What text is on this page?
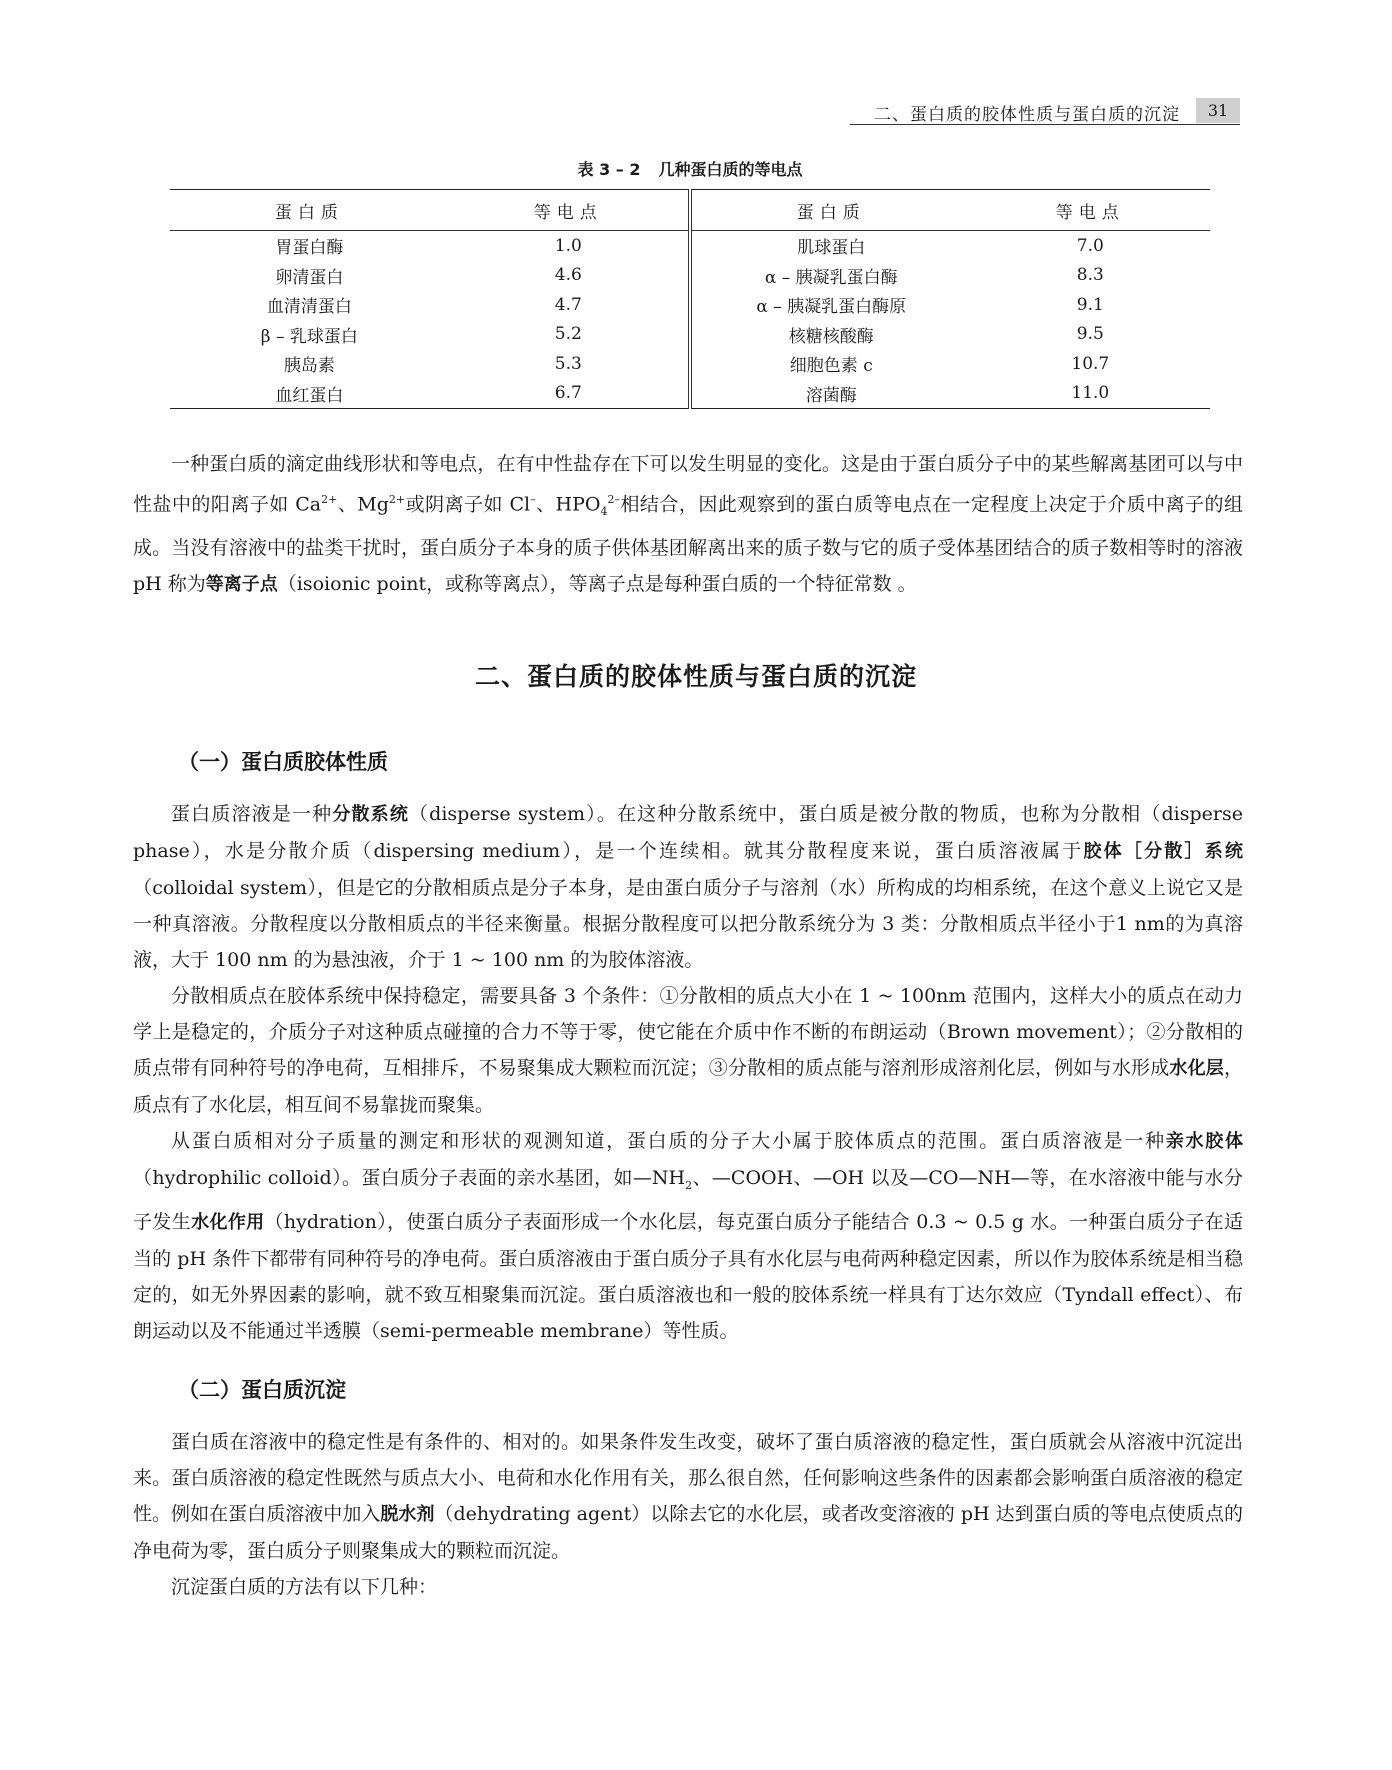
二、蛋白质的胶体性质与蛋白质的沉淀	31
表 3 – 2 几种蛋白质的等电点
蛋白质	等电点	蛋白质	等电点
胃蛋白酶	1.0	肌球蛋白	7.0
卵清蛋白	4.6	α – 胰凝乳蛋白酶	8.3
血清清蛋白	4.7	α – 胰凝乳蛋白酶原	9.1
β – 乳球蛋白	5.2	核糖核酸酶	9.5
胰岛素	5.3	细胞色素 c	10.7
血红蛋白	6.7	溶菌酶	11.0

一种蛋白质的滴定曲线形状和等电点，在有中性盐存在下可以发生明显的变化。这是由于蛋白质分子中的某些解离基团可以与中性盐中的阳离子如 $Ca^{2+}$、$Mg^{2+}$或阴离子如 Cl–、$HPO_4^{2-}$相结合，因此观察到的蛋白质等电点在一定程度上决定于介质中离子的组成。当没有溶液中的盐类干扰时，蛋白质分子本身的质子供体基团解离出来的质子数与它的质子受体基团结合的质子数相等时的溶液 pH 称为等离子点（isoionic point，或称等离点），等离子点是每种蛋白质的一个特征常数 。

二、蛋白质的胶体性质与蛋白质的沉淀
（一）蛋白质胶体性质

蛋白质溶液是一种分散系统（disperse system）。在这种分散系统中，蛋白质是被分散的物质，也称为分散相（disperse phase），水是分散介质（dispersing medium），是一个连续相。就其分散程度来说，蛋白质溶液属于胶体［分散］系统（colloidal system），但是它的分散相质点是分子本身，是由蛋白质分子与溶剂（水）所构成的均相系统，在这个意义上说它又是一种真溶液。分散程度以分散相质点的半径来衡量。根据分散程度可以把分散系统分为 3 类：分散相质点半径小于1 nm的为真溶液，大于 100 nm 的为悬浊液，介于 1 ~ 100 nm 的为胶体溶液。

分散相质点在胶体系统中保持稳定，需要具备 3 个条件：①分散相的质点大小在 1 ~ 100nm 范围内，这样大小的质点在动力学上是稳定的，介质分子对这种质点碰撞的合力不等于零，使它能在介质中作不断的布朗运动（Brown movement）；②分散相的质点带有同种符号的净电荷，互相排斥，不易聚集成大颗粒而沉淀；③分散相的质点能与溶剂形成溶剂化层，例如与水形成水化层，质点有了水化层，相互间不易靠拢而聚集。

从蛋白质相对分子质量的测定和形状的观测知道，蛋白质的分子大小属于胶体质点的范围。蛋白质溶液是一种亲水胶体（hydrophilic colloid）。蛋白质分子表面的亲水基团，如$—NH_2$、—COOH、—OH 以及—CO—NH—等，在水溶液中能与水分子发生水化作用（hydration），使蛋白质分子表面形成一个水化层，每克蛋白质分子能结合 0.3 ~ 0.5 g 水。一种蛋白质分子在适当的 pH 条件下都带有同种符号的净电荷。蛋白质溶液由于蛋白质分子具有水化层与电荷两种稳定因素，所以作为胶体系统是相当稳定的，如无外界因素的影响，就不致互相聚集而沉淀。蛋白质溶液也和一般的胶体系统一样具有丁达尔效应（Tyndall effect）、布朗运动以及不能通过半透膜（semi-permeable membrane）等性质。

（二）蛋白质沉淀

蛋白质在溶液中的稳定性是有条件的、相对的。如果条件发生改变，破坏了蛋白质溶液的稳定性，蛋白质就会从溶液中沉淀出来。蛋白质溶液的稳定性既然与质点大小、电荷和水化作用有关，那么很自然，任何影响这些条件的因素都会影响蛋白质溶液的稳定性。例如在蛋白质溶液中加入脱水剂（dehydrating agent）以除去它的水化层，或者改变溶液的 pH 达到蛋白质的等电点使质点的净电荷为零，蛋白质分子则聚集成大的颗粒而沉淀。

沉淀蛋白质的方法有以下几种：
